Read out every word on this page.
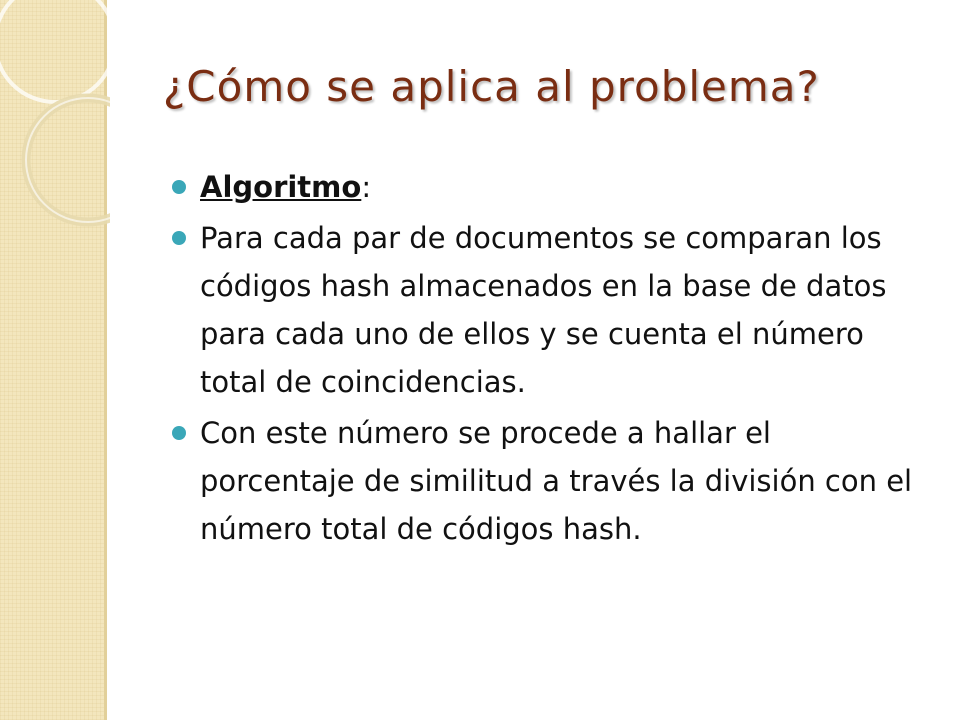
¿Cómo se aplica al problema?
Algoritmo:
Para cada par de documentos se comparan los códigos hash almacenados en la base de datos para cada uno de ellos y se cuenta el número total de coincidencias.
Con este número se procede a hallar el porcentaje de similitud a través la división con el número total de códigos hash.
